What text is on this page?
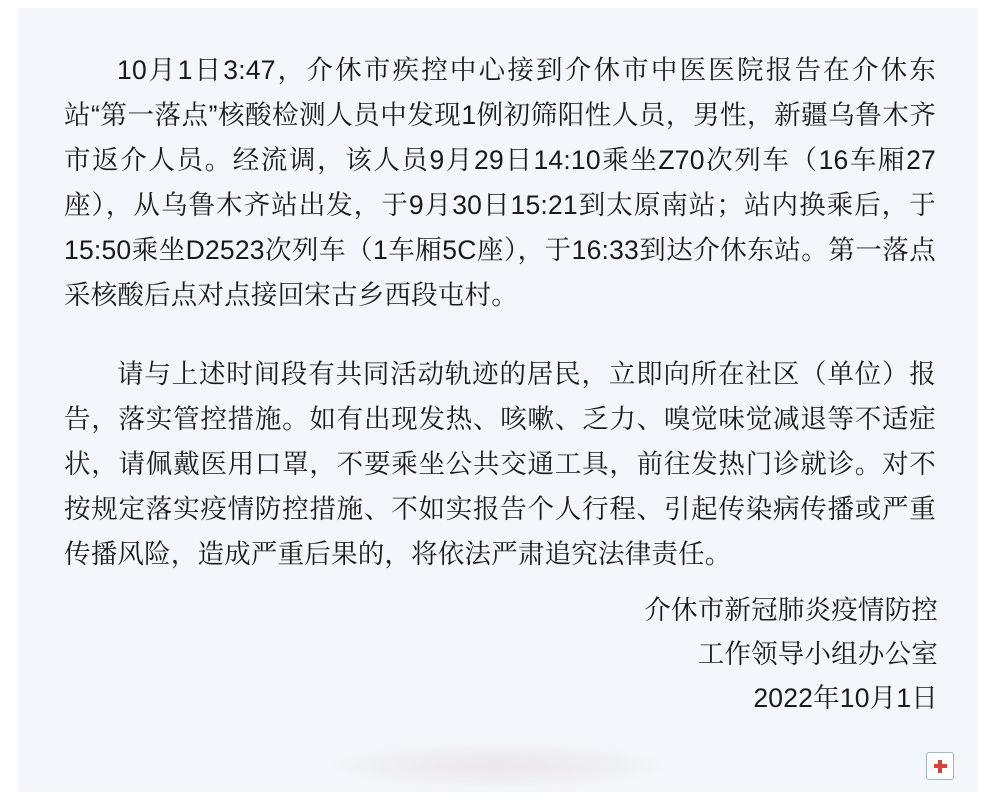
10月1日3:47，介休市疾控中心接到介休市中医医院报告在介休东站“第一落点”核酸检测人员中发现1例初筛阳性人员，男性，新疆乌鲁木齐市返介人员。经流调，该人员9月29日14:10乘坐Z70次列车（16车厢27座），从乌鲁木齐站出发，于9月30日15:21到太原南站；站内换乘后，于15:50乘坐D2523次列车（1车厢5C座），于16:33到达介休东站。第一落点采核酸后点对点接回宋古乡西段屯村。

请与上述时间段有共同活动轨迹的居民，立即向所在社区（单位）报告，落实管控措施。如有出现发热、咳嗽、乏力、嗅觉味觉减退等不适症状，请佩戴医用口罩，不要乘坐公共交通工具，前往发热门诊就诊。对不按规定落实疫情防控措施、不如实报告个人行程、引起传染病传播或严重传播风险，造成严重后果的，将依法严肃追究法律责任。

介休市新冠肺炎疫情防控
工作领导小组办公室
2022年10月1日
